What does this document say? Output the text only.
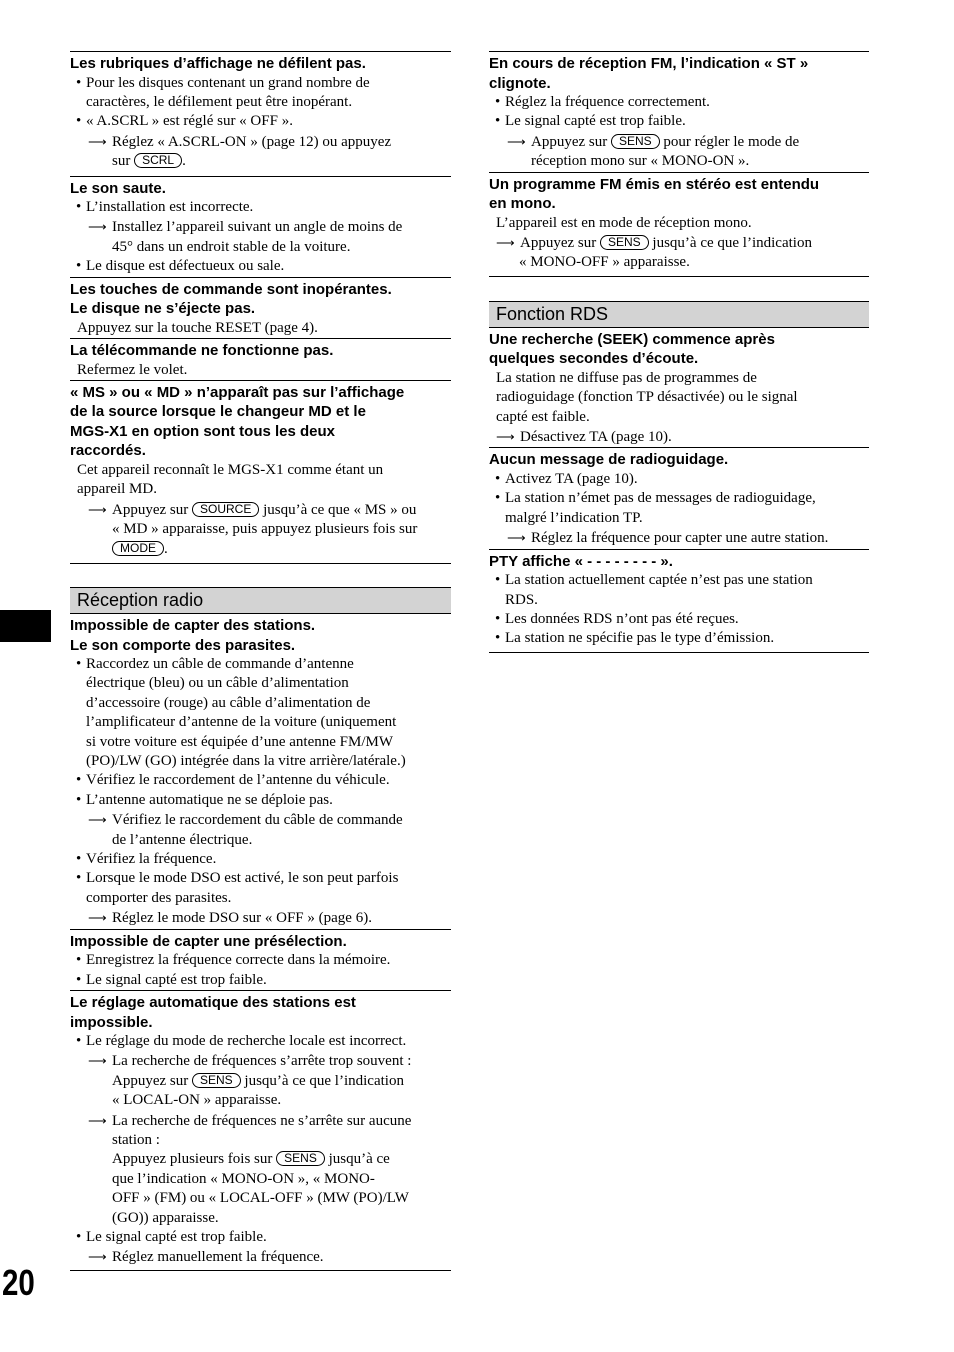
Les rubriques d’affichage ne défilent pas.
• Pour les disques contenant un grand nombre de
caractères, le défilement peut être inopérant.
• « A.SCRL » est réglé sur « OFF ».
⟶ Réglez « A.SCRL-ON » (page 12) ou appuyez
sur SCRL .
Le son saute.
• L’installation est incorrecte.
⟶ Installez l’appareil suivant un angle de moins de
45° dans un endroit stable de la voiture.
• Le disque est défectueux ou sale.
Les touches de commande sont inopérantes.
Le disque ne s’éjecte pas.
Appuyez sur la touche RESET (page 4).
La télécommande ne fonctionne pas.
Refermez le volet.
« MS » ou « MD » n’apparaît pas sur l’affichage
de la source lorsque le changeur MD et le
MGS-X1 en option sont tous les deux
raccordés.
Cet appareil reconnaît le MGS-X1 comme étant un
appareil MD.
⟶ Appuyez sur SOURCE jusqu’à ce que « MS » ou
« MD » apparaisse, puis appuyez plusieurs fois sur
MODE .
Réception radio
Impossible de capter des stations.
Le son comporte des parasites.
• Raccordez un câble de commande d’antenne
électrique (bleu) ou un câble d’alimentation
d’accessoire (rouge) au câble d’alimentation de
l’amplificateur d’antenne de la voiture (uniquement
si votre voiture est équipée d’une antenne FM/MW
(PO)/LW (GO) intégrée dans la vitre arrière/latérale.)
• Vérifiez le raccordement de l’antenne du véhicule.
• L’antenne automatique ne se déploie pas.
⟶ Vérifiez le raccordement du câble de commande
de l’antenne électrique.
• Vérifiez la fréquence.
• Lorsque le mode DSO est activé, le son peut parfois
comporter des parasites.
⟶ Réglez le mode DSO sur « OFF » (page 6).
Impossible de capter une présélection.
• Enregistrez la fréquence correcte dans la mémoire.
• Le signal capté est trop faible.
Le réglage automatique des stations est
impossible.
• Le réglage du mode de recherche locale est incorrect.
⟶ La recherche de fréquences s’arrête trop souvent :
Appuyez sur SENS jusqu’à ce que l’indication
« LOCAL-ON » apparaisse.
⟶ La recherche de fréquences ne s’arrête sur aucune
station :
Appuyez plusieurs fois sur SENS jusqu’à ce
que l’indication « MONO-ON », « MONO-
OFF » (FM) ou « LOCAL-OFF » (MW (PO)/LW
(GO)) apparaisse.
• Le signal capté est trop faible.
⟶ Réglez manuellement la fréquence.
En cours de réception FM, l’indication « ST »
clignote.
• Réglez la fréquence correctement.
• Le signal capté est trop faible.
⟶ Appuyez sur SENS pour régler le mode de
réception mono sur « MONO-ON ».
Un programme FM émis en stéréo est entendu
en mono.
L’appareil est en mode de réception mono.
⟶ Appuyez sur SENS jusqu’à ce que l’indication
« MONO-OFF » apparaisse.
Fonction RDS
Une recherche (SEEK) commence après
quelques secondes d’écoute.
La station ne diffuse pas de programmes de
radioguidage (fonction TP désactivée) ou le signal
capté est faible.
⟶ Désactivez TA (page 10).
Aucun message de radioguidage.
• Activez TA (page 10).
• La station n’émet pas de messages de radioguidage,
malgré l’indication TP.
⟶ Réglez la fréquence pour capter une autre station.
PTY affiche « - - - - - - - - ».
• La station actuellement captée n’est pas une station
RDS.
• Les données RDS n’ont pas été reçues.
• La station ne spécifie pas le type d’émission.
20
